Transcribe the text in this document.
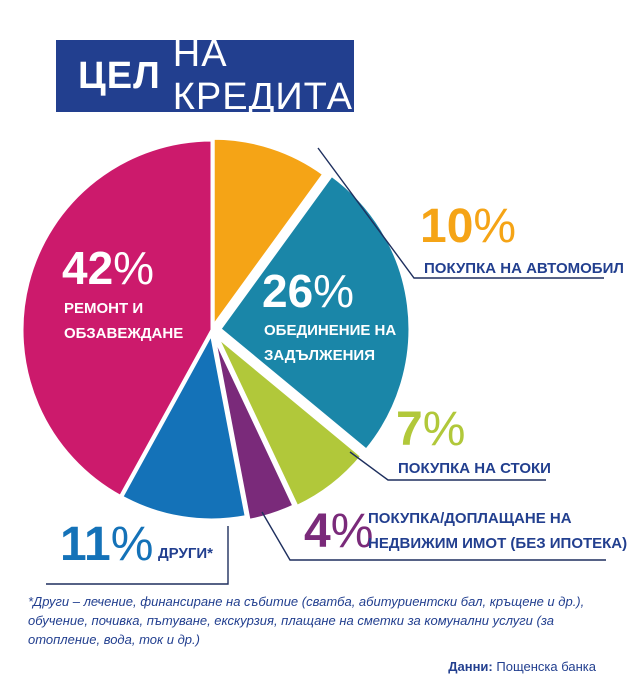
ЦЕЛ
НА КРЕДИТА
42%
РЕМОНТ И
ОБЗАВЕЖДАНЕ
26%
ОБЕДИНЕНИЕ НА
ЗАДЪЛЖЕНИЯ
10%
ПОКУПКА НА АВТОМОБИЛ
7%
ПОКУПКА НА СТОКИ
4%
ПОКУПКА/ДОПЛАЩАНЕ НА
НЕДВИЖИМ ИМОТ (БЕЗ ИПОТЕКА)
11% ДРУГИ*
*Други – лечение, финансиране на събитие (сватба, абитуриентски бал, кръщене и др.), обучение, почивка, пътуване, екскурзия, плащане на сметки за комунални услуги (за отопление, вода, ток и др.)
Данни: Пощенска банка
